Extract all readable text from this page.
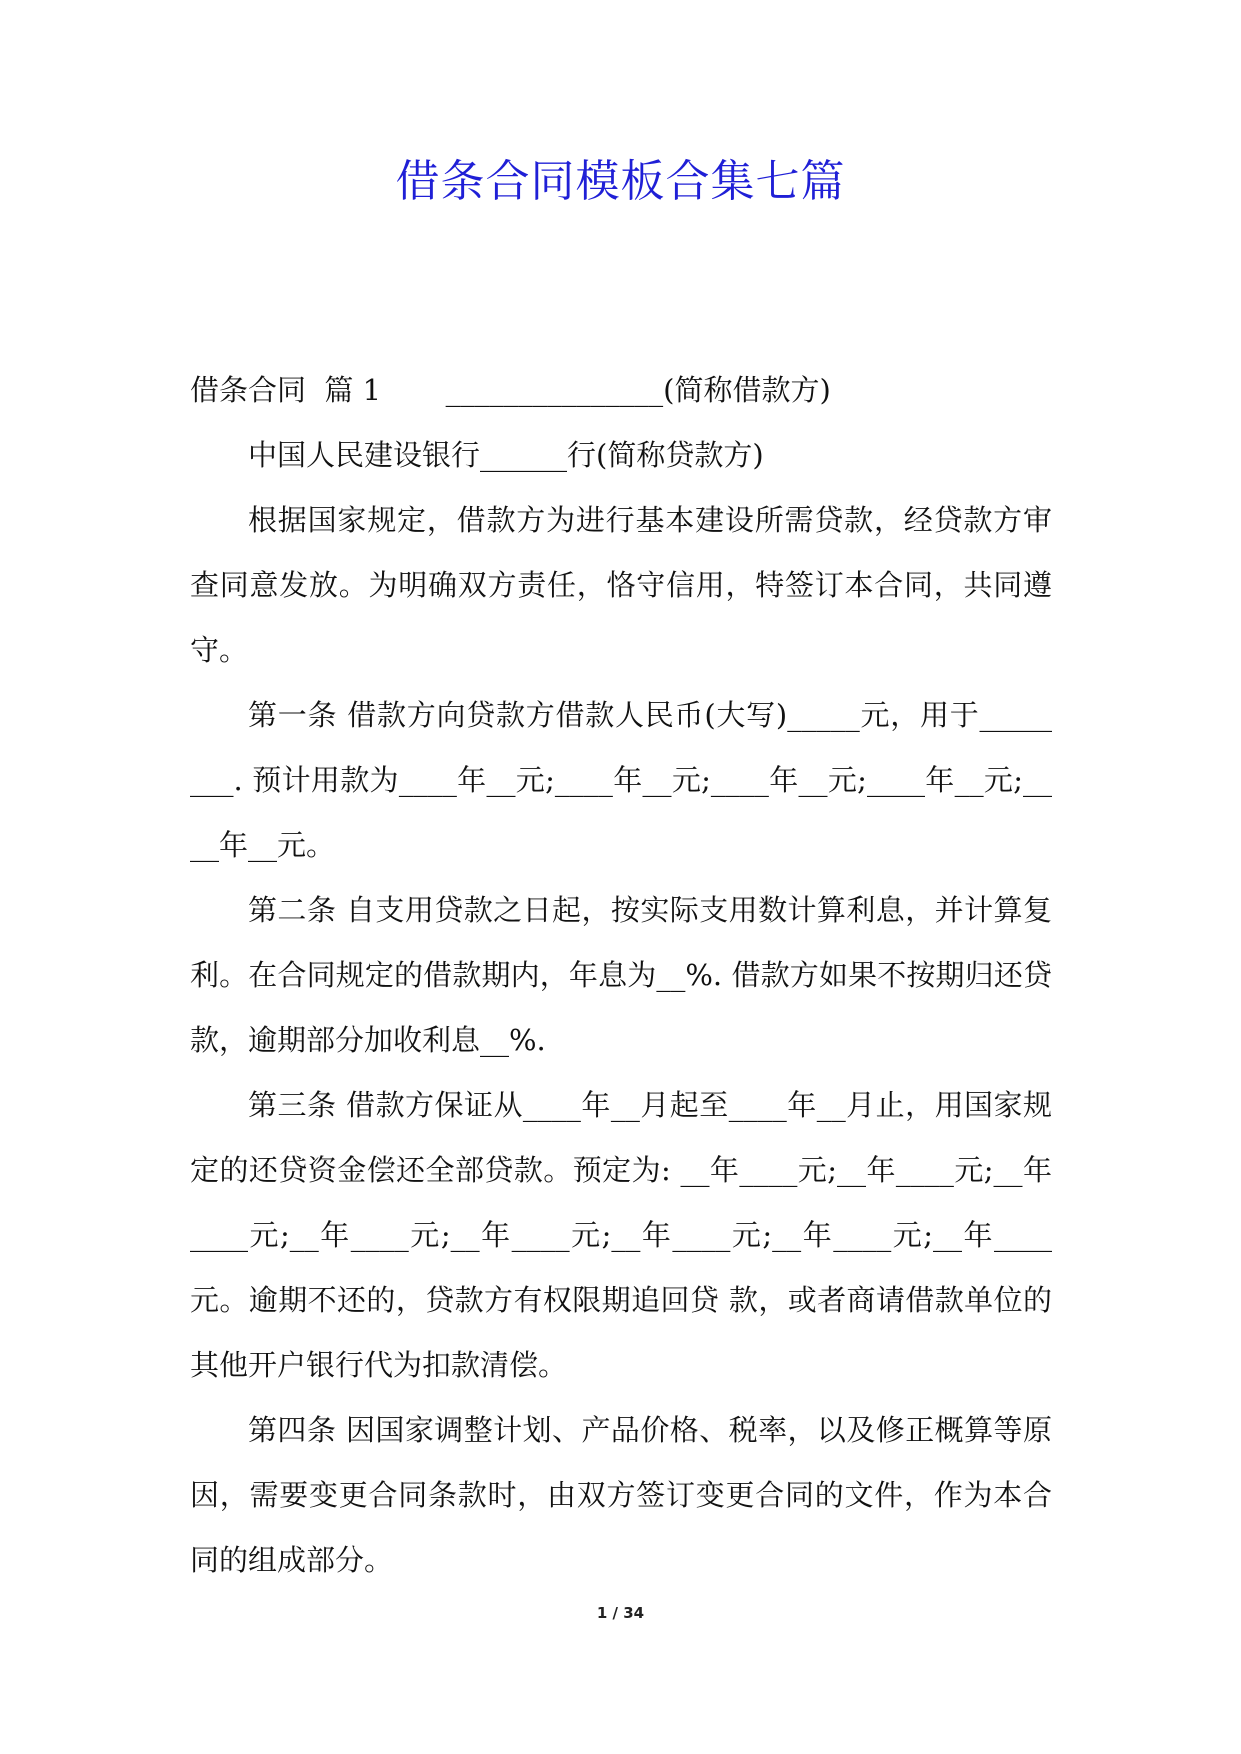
借条合同模板合集七篇

借条合同  篇 1       _______________(简称借款方)

中国人民建设银行______行(简称贷款方)

根据国家规定，借款方为进行基本建设所需贷款，经贷款方审查同意发放。为明确双方责任，恪守信用，特签订本合同，共同遵守。

第一条 借款方向贷款方借款人民币(大写)_____元，用于_____ ___. 预计用款为____年__元;____年__元;____年__元;____年__元;____年__元。

第二条 自支用贷款之日起，按实际支用数计算利息，并计算复利。在合同规定的借款期内，年息为__%. 借款方如果不按期归还贷款，逾期部分加收利息__%.

第三条 借款方保证从____年__月起至____年__月止，用国家规定的还贷资金偿还全部贷款。预定为: __年____元;__年____元;__年____元;__年____元;__年____元;__年____元;__年____元;__年____元。逾期不还的，贷款方有权限期追回贷 款，或者商请借款单位的其他开户银行代为扣款清偿。

第四条 因国家调整计划、产品价格、税率，以及修正概算等原因，需要变更合同条款时，由双方签订变更合同的文件，作为本合同的组成部分。

1 / 34
